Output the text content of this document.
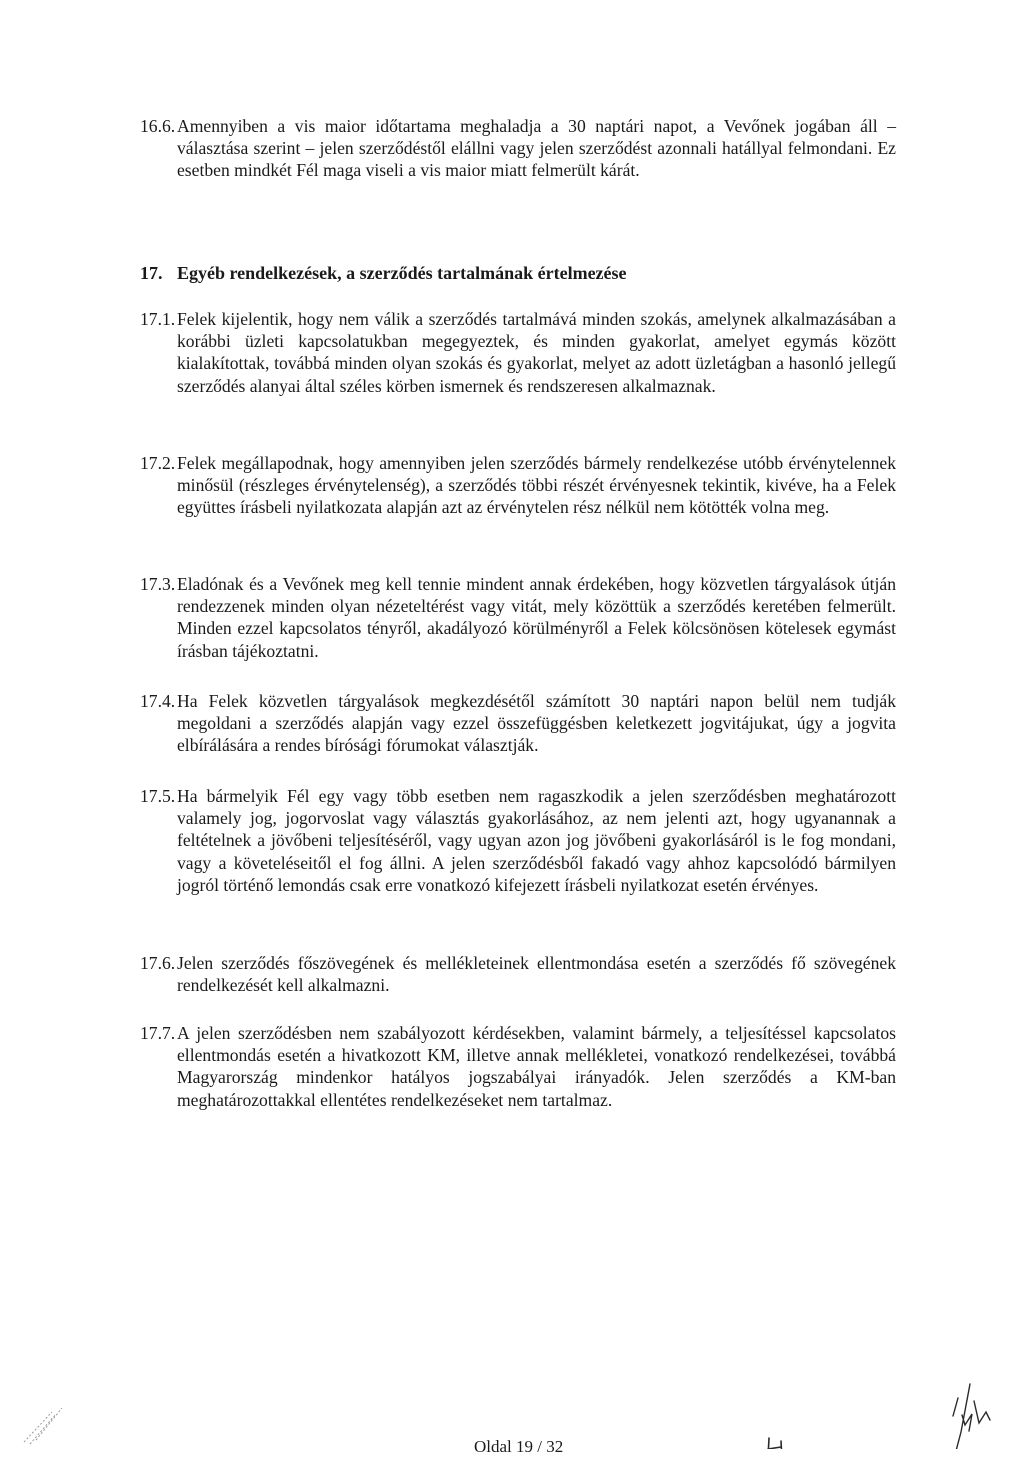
16.6. Amennyiben a vis maior időtartama meghaladja a 30 naptári napot, a Vevőnek jogában áll – választása szerint – jelen szerződéstől elállni vagy jelen szerződést azonnali hatállyal felmondani. Ez esetben mindkét Fél maga viseli a vis maior miatt felmerült kárát.
17. Egyéb rendelkezések, a szerződés tartalmának értelmezése
17.1. Felek kijelentik, hogy nem válik a szerződés tartalmává minden szokás, amelynek alkalmazásában a korábbi üzleti kapcsolatukban megegyeztek, és minden gyakorlat, amelyet egymás között kialakítottak, továbbá minden olyan szokás és gyakorlat, melyet az adott üzletágban a hasonló jellegű szerződés alanyai által széles körben ismernek és rendszeresen alkalmaznak.
17.2. Felek megállapodnak, hogy amennyiben jelen szerződés bármely rendelkezése utóbb érvénytelennek minősül (részleges érvénytelenség), a szerződés többi részét érvényesnek tekintik, kivéve, ha a Felek együttes írásbeli nyilatkozata alapján azt az érvénytelen rész nélkül nem kötötték volna meg.
17.3. Eladónak és a Vevőnek meg kell tennie mindent annak érdekében, hogy közvetlen tárgyalások útján rendezzenek minden olyan nézeteltérést vagy vitát, mely közöttük a szerződés keretében felmerült. Minden ezzel kapcsolatos tényről, akadályozó körülményről a Felek kölcsönösen kötelesek egymást írásban tájékoztatni.
17.4. Ha Felek közvetlen tárgyalások megkezdésétől számított 30 naptári napon belül nem tudják megoldani a szerződés alapján vagy ezzel összefüggésben keletkezett jogvitájukat, úgy a jogvita elbírálására a rendes bírósági fórumokat választják.
17.5. Ha bármelyik Fél egy vagy több esetben nem ragaszkodik a jelen szerződésben meghatározott valamely jog, jogorvoslat vagy választás gyakorlásához, az nem jelenti azt, hogy ugyanannak a feltételnek a jövőbeni teljesítéséről, vagy ugyan azon jog jövőbeni gyakorlásáról is le fog mondani, vagy a követeléseitől el fog állni. A jelen szerződésből fakadó vagy ahhoz kapcsolódó bármilyen jogról történő lemondás csak erre vonatkozó kifejezett írásbeli nyilatkozat esetén érvényes.
17.6. Jelen szerződés főszövegének és mellékleteinek ellentmondása esetén a szerződés fő szövegének rendelkezését kell alkalmazni.
17.7. A jelen szerződésben nem szabályozott kérdésekben, valamint bármely, a teljesítéssel kapcsolatos ellentmondás esetén a hivatkozott KM, illetve annak mellékletei, vonatkozó rendelkezései, továbbá Magyarország mindenkor hatályos jogszabályai irányadók. Jelen szerződés a KM-ban meghatározottakkal ellentétes rendelkezéseket nem tartalmaz.
Oldal 19 / 32
